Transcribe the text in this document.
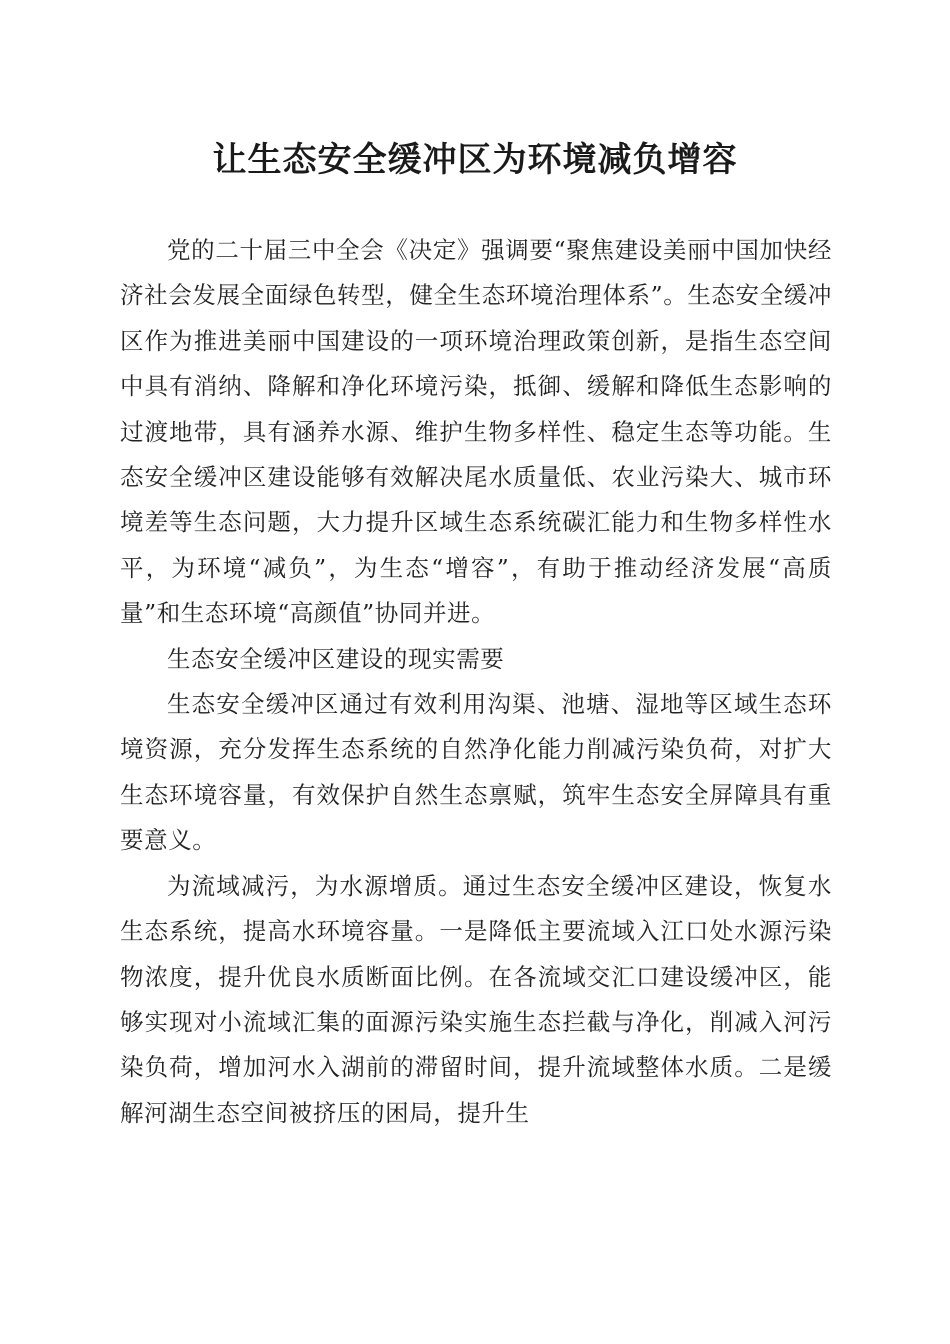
让生态安全缓冲区为环境减负增容

党的二十届三中全会《决定》强调要“聚焦建设美丽中国加快经济社会发展全面绿色转型，健全生态环境治理体系”。生态安全缓冲区作为推进美丽中国建设的一项环境治理政策创新，是指生态空间中具有消纳、降解和净化环境污染，抵御、缓解和降低生态影响的过渡地带，具有涵养水源、维护生物多样性、稳定生态等功能。生态安全缓冲区建设能够有效解决尾水质量低、农业污染大、城市环境差等生态问题，大力提升区域生态系统碳汇能力和生物多样性水平，为环境“减负”，为生态“增容”，有助于推动经济发展“高质量”和生态环境“高颜值”协同并进。

生态安全缓冲区建设的现实需要

生态安全缓冲区通过有效利用沟渠、池塘、湿地等区域生态环境资源，充分发挥生态系统的自然净化能力削减污染负荷，对扩大生态环境容量，有效保护自然生态禀赋，筑牢生态安全屏障具有重要意义。

为流域减污，为水源增质。通过生态安全缓冲区建设，恢复水生态系统，提高水环境容量。一是降低主要流域入江口处水源污染物浓度，提升优良水质断面比例。在各流域交汇口建设缓冲区，能够实现对小流域汇集的面源污染实施生态拦截与净化，削减入河污染负荷，增加河水入湖前的滞留时间，提升流域整体水质。二是缓解河湖生态空间被挤压的困局，提升生
